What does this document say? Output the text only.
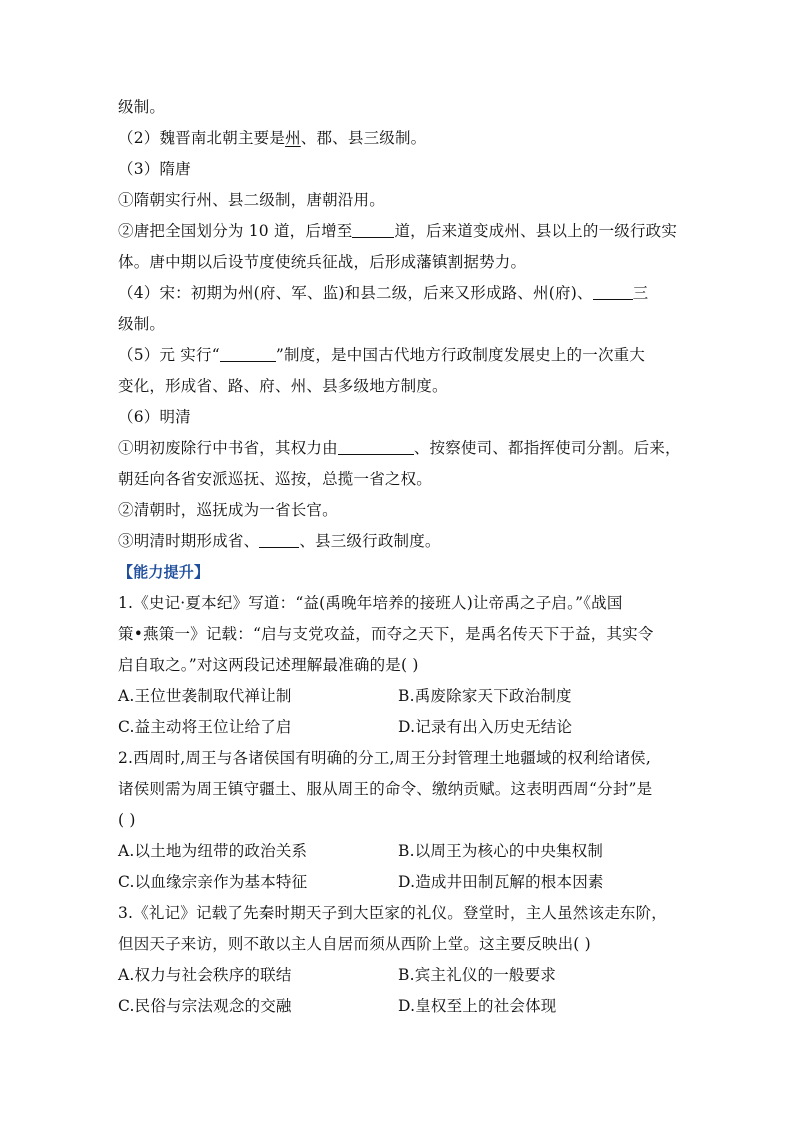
级制。
（2）魏晋南北朝主要是州、郡、县三级制。
（3）隋唐
①隋朝实行州、县二级制，唐朝沿用。
②唐把全国划分为 10 道，后增至	道，后来道变成州、县以上的一级行政实
体。唐中期以后设节度使统兵征战，后形成藩镇割据势力。
（4）宋：初期为州(府、军、监)和县二级，后来又形成路、州(府)、	三
级制。
（5）元 实行“	”制度，是中国古代地方行政制度发展史上的一次重大
变化，形成省、路、府、州、县多级地方制度。
（6）明清
①明初废除行中书省，其权力由	、按察使司、都指挥使司分割。后来，
朝廷向各省安派巡抚、巡按，总揽一省之权。
②清朝时，巡抚成为一省长官。
③明清时期形成省、	、县三级行政制度。
【能力提升】
1.《史记·夏本纪》写道：“益(禹晚年培养的接班人)让帝禹之子启。”《战国
策•燕策一》记载：“启与支党攻益，而夺之天下，是禹名传天下于益，其实令
启自取之。”对这两段记述理解最准确的是( )
A.王位世袭制取代禅让制	B.禹废除家天下政治制度
C.益主动将王位让给了启	D.记录有出入历史无结论
2.西周时,周王与各诸侯国有明确的分工,周王分封管理土地疆域的权利给诸侯,
诸侯则需为周王镇守疆土、服从周王的命令、缴纳贡赋。这表明西周“分封”是
( )
A.以土地为纽带的政治关系	B.以周王为核心的中央集权制
C.以血缘宗亲作为基本特征	D.造成井田制瓦解的根本因素
3.《礼记》记载了先秦时期天子到大臣家的礼仪。登堂时，主人虽然该走东阶，
但因天子来访，则不敢以主人自居而须从西阶上堂。这主要反映出( )
A.权力与社会秩序的联结	B.宾主礼仪的一般要求
C.民俗与宗法观念的交融	D.皇权至上的社会体现
